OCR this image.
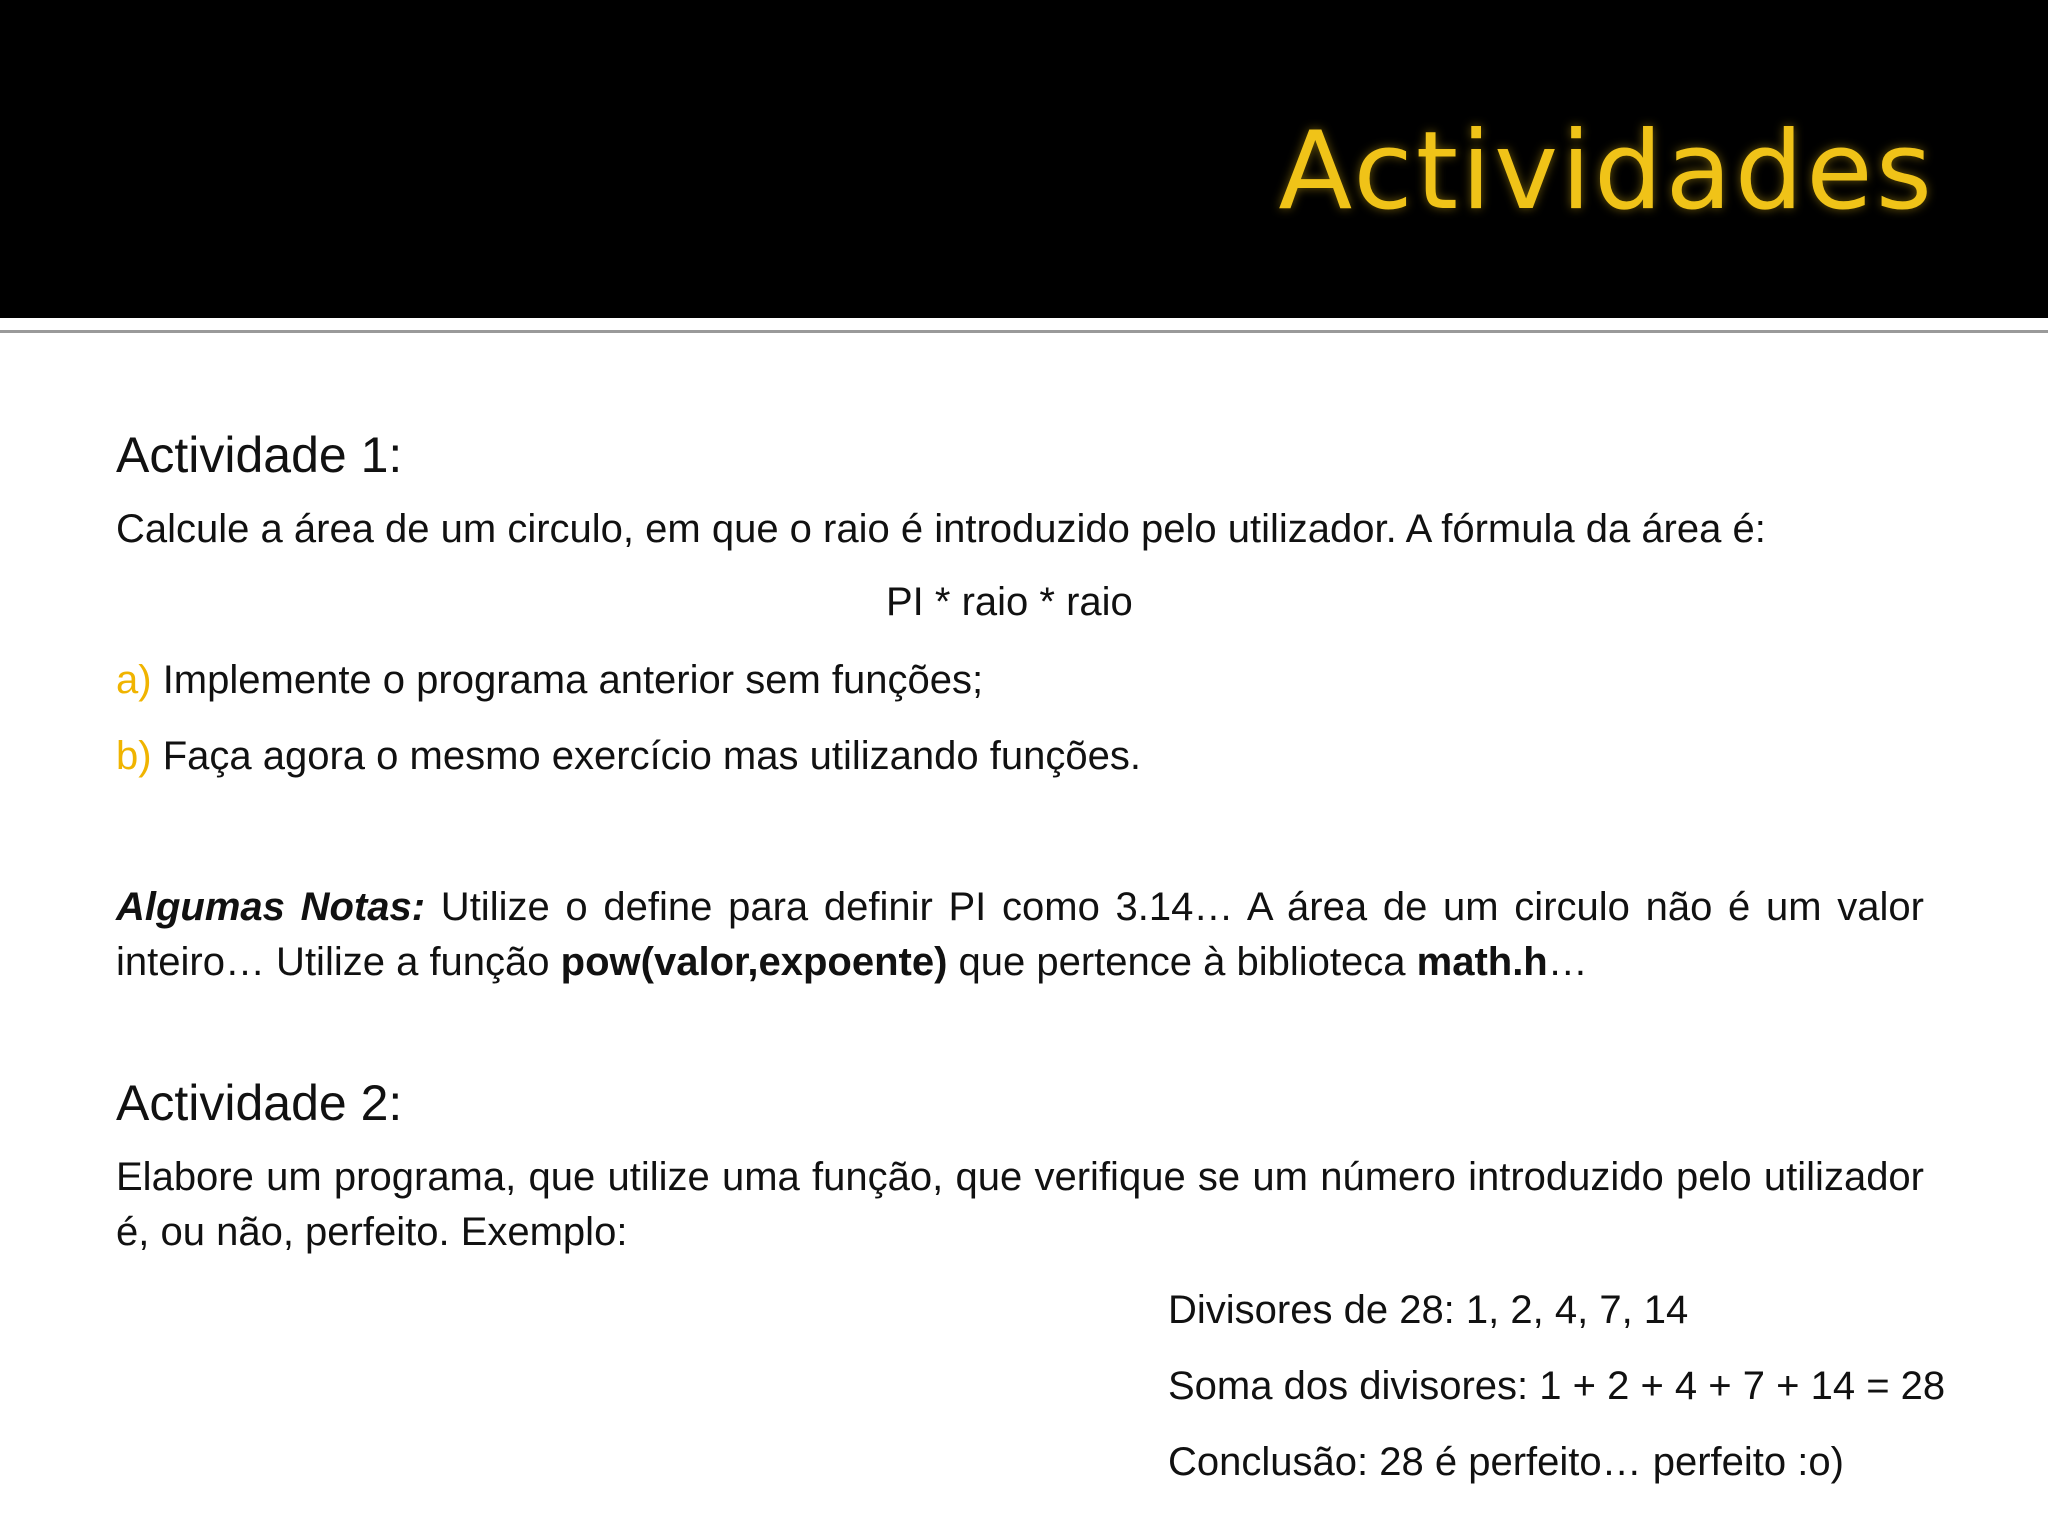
Actividades
Actividade 1:

Calcule a área de um circulo, em que o raio é introduzido pelo utilizador. A fórmula da área é:

PI * raio * raio
a) Implemente o programa anterior sem funções;
b) Faça agora o mesmo exercício mas utilizando funções.

Algumas Notas: Utilize o define para definir PI como 3.14… A área de um circulo não é um valor inteiro… Utilize a função pow(valor,expoente) que pertence à biblioteca math.h…

Actividade 2:

Elabore um programa, que utilize uma função, que verifique se um número introduzido pelo utilizador é, ou não, perfeito. Exemplo:

Divisores de 28: 1, 2, 4, 7, 14
Soma dos divisores: 1 + 2 + 4 + 7 + 14 = 28
Conclusão: 28 é perfeito… perfeito :o)
